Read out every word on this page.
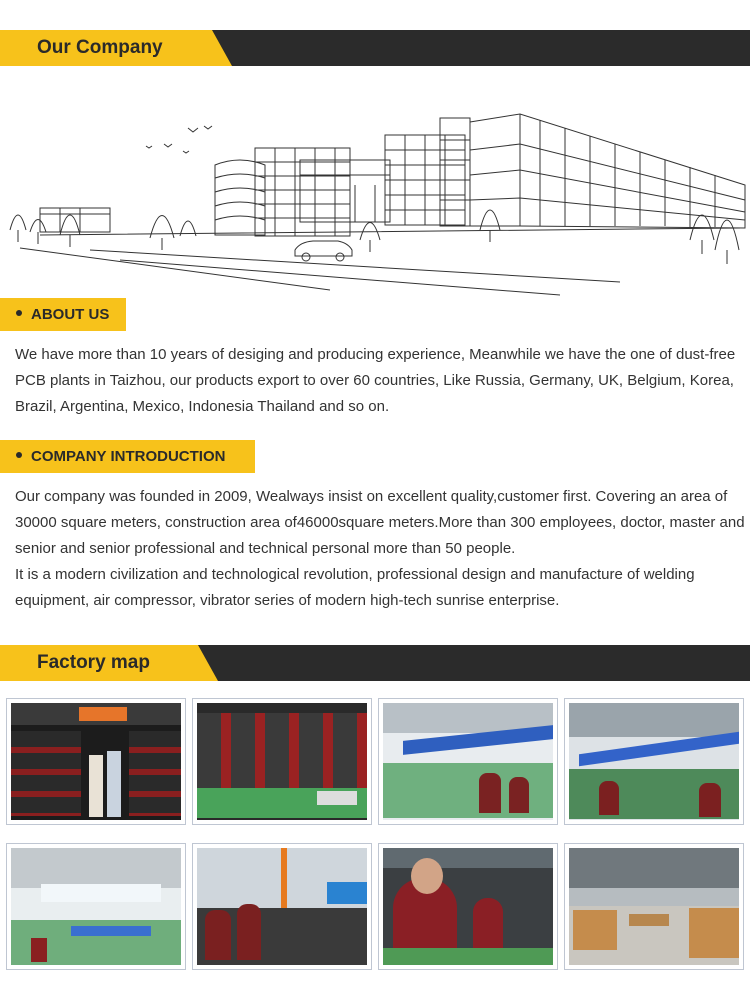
Our Company
ABOUT US

We have more than 10 years of desiging and producing experience, Meanwhile we have the one of dust-free PCB plants in Taizhou, our products export to over 60 countries, Like Russia, Germany, UK, Belgium, Korea, Brazil, Argentina, Mexico, Indonesia Thailand and so on.

COMPANY INTRODUCTION

Our company was founded in 2009, Wealways insist on excellent quality,customer first. Covering an area of 30000 square meters, construction area of46000square meters.More than 300 employees, doctor, master and senior and senior professional and technical personal more than 50 people.

It is a modern civilization and technological revolution, professional design and manufacture of welding equipment, air compressor, vibrator series of modern high-tech sunrise enterprise.

Factory map
